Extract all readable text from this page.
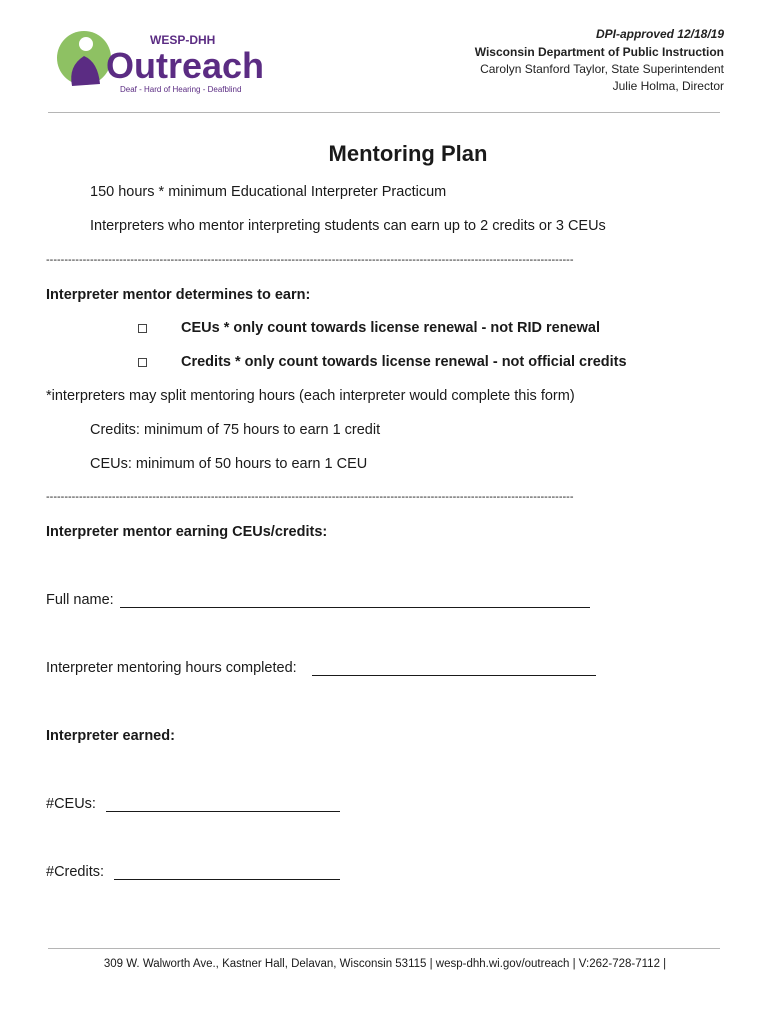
WESP-DHH
Outreach
Deaf - Hard of Hearing - Deafblind
DPI-approved 12/18/19
Wisconsin Department of Public Instruction
Carolyn Stanford Taylor, State Superintendent
Julie Holma, Director
Mentoring Plan
150 hours * minimum Educational Interpreter Practicum
Interpreters who mentor interpreting students can earn up to 2 credits or 3 CEUs
------------------------------------------------------------------------------------------------------------------------------------------------
Interpreter mentor determines to earn:
CEUs * only count towards license renewal - not RID renewal
Credits * only count towards license renewal - not official credits
*interpreters may split mentoring hours (each interpreter would complete this form)
Credits: minimum of 75 hours to earn 1 credit
CEUs: minimum of 50 hours to earn 1 CEU
------------------------------------------------------------------------------------------------------------------------------------------------
Interpreter mentor earning CEUs/credits:
Full name:
Interpreter mentoring hours completed:
Interpreter earned:
#CEUs:
#Credits:
309 W. Walworth Ave., Kastner Hall, Delavan, Wisconsin 53115 | wesp-dhh.wi.gov/outreach | V:262-728-7112 |
